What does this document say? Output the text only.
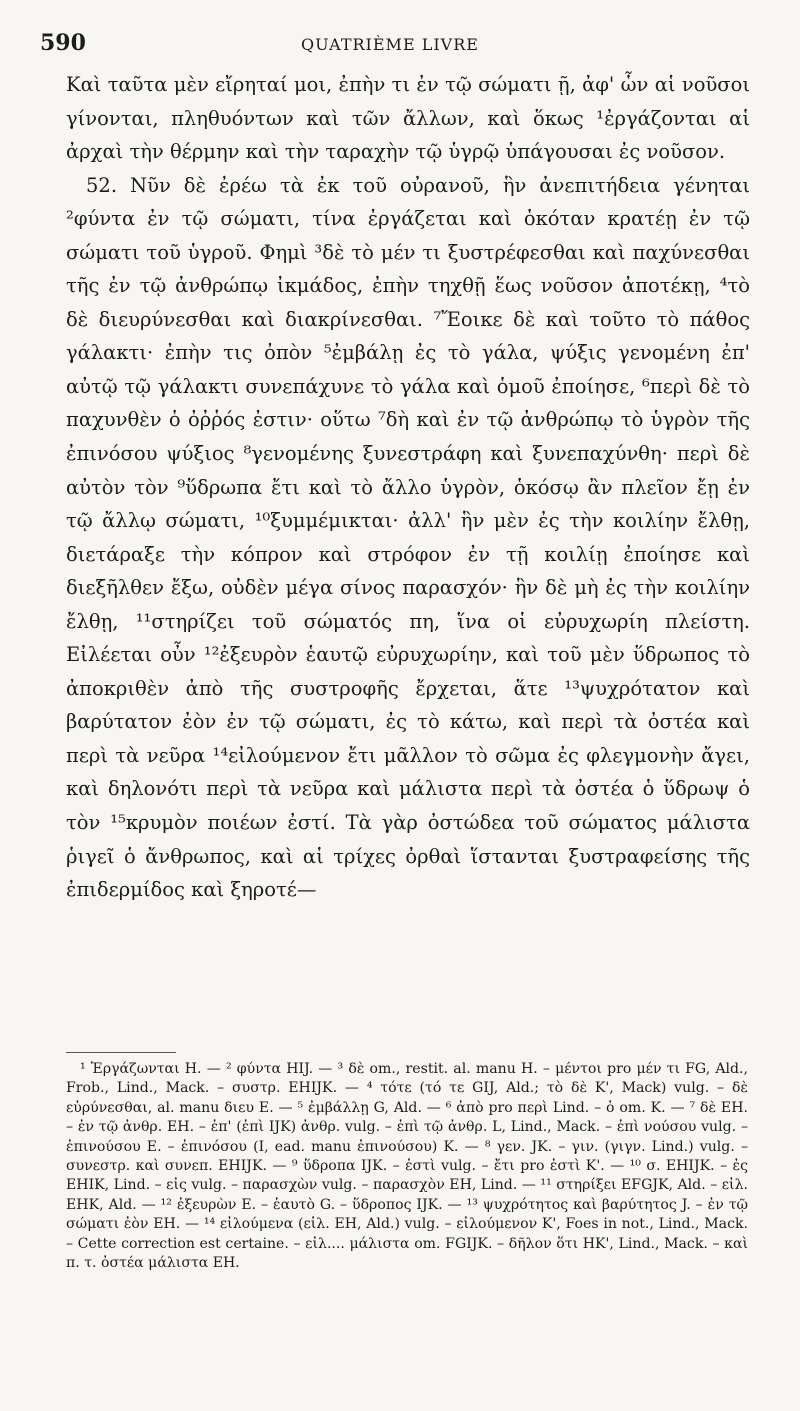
590	QUATRIÈME LIVRE

Καὶ ταῦτα μὲν εἴρηταί μοι, ἐπὴν τι ἐν τῷ σώματι ῇ, ἀφ' ὧν αἱ νοῦσοι γίνονται, πληθυόντων καὶ τῶν ἄλλων, καὶ ὅκως ¹ἐργάζονται αἱ ἀρχαὶ τὴν θέρμην καὶ τὴν ταραχὴν τῷ ὑγρῷ ὑπάγουσαι ἐς νοῦσον.

52. Νῦν δὲ ἐρέω τὰ ἐκ τοῦ οὐρανοῦ, ἣν ἀνεπιτήδεια γένηται ²φύντα ἐν τῷ σώματι, τίνα ἐργάζεται καὶ ὁκόταν κρατέῃ ἐν τῷ σώματι τοῦ ὑγροῦ. Φημὶ ³δὲ τὸ μέν τι ξυστρέφεσθαι καὶ παχύνεσθαι τῆς ἐν τῷ ἀνθρώπῳ ἰκμάδος, ἐπὴν τηχθῇ ἕως νοῦσον ἀποτέκῃ, ⁴τὸ δὲ διευρύνεσθαι καὶ διακρίνεσθαι. ⁷Ἔοικε δὲ καὶ τοῦτο τὸ πάθος γάλακτι· ἐπὴν τις ὀπὸν ⁵ἐμβάλῃ ἐς τὸ γάλα, ψύξις γενομένη ἐπ' αὐτῷ τῷ γάλακτι συνεπάχυνε τὸ γάλα καὶ ὁμοῦ ἐποίησε, ⁶περὶ δὲ τὸ παχυνθὲν ὁ ὀῤῥός ἐστιν· οὕτω ⁷δὴ καὶ ἐν τῷ ἀνθρώπῳ τὸ ὑγρὸν τῆς ἐπινόσου ψύξιος ⁸γενομένης ξυνεστράφη καὶ ξυνεπαχύνθη· περὶ δὲ αὐτὸν τὸν ⁹ὕδρωπα ἔτι καὶ τὸ ἄλλο ὑγρὸν, ὁκόσῳ ἂν πλεῖον ἔῃ ἐν τῷ ἄλλῳ σώματι, ¹⁰ξυμμέμικται· ἀλλ' ἣν μὲν ἐς τὴν κοιλίην ἔλθῃ, διετάραξε τὴν κόπρον καὶ στρόφον ἐν τῇ κοιλίῃ ἐποίησε καὶ διεξῆλθεν ἔξω, οὐδὲν μέγα σίνος παρασχόν· ἣν δὲ μὴ ἐς τὴν κοιλίην ἔλθῃ, ¹¹στηρίζει τοῦ σώματός πη, ἵνα οἱ εὐρυχωρίη πλείστη. Εἰλέεται οὖν ¹²ἐξευρὸν ἑαυτῷ εὐρυχωρίην, καὶ τοῦ μὲν ὕδρωπος τὸ ἀποκριθὲν ἀπὸ τῆς συστροφῆς ἔρχεται, ἅτε ¹³ψυχρότατον καὶ βαρύτατον ἐὸν ἐν τῷ σώματι, ἐς τὸ κάτω, καὶ περὶ τὰ ὀστέα καὶ περὶ τὰ νεῦρα ¹⁴εἰλούμενον ἔτι μᾶλλον τὸ σῶμα ἐς φλεγμονὴν ἄγει, καὶ δηλονότι περὶ τὰ νεῦρα καὶ μάλιστα περὶ τὰ ὀστέα ὁ ὕδρωψ ὁ τὸν ¹⁵κρυμὸν ποιέων ἐστί. Τὰ γὰρ ὀστώδεα τοῦ σώματος μάλιστα ῥιγεῖ ὁ ἄνθρωπος, καὶ αἱ τρίχες ὀρθαὶ ἵστανται ξυστραφείσης τῆς ἐπιδερμίδος καὶ ξηροτέ—

¹ Ἐργάζωνται H. — ² φύντα HIJ. — ³ δὲ om., restit. al. manu H. – μέντοι pro μέν τι FG, Ald., Frob., Lind., Mack. – συστρ. EHIJK. — ⁴ τότε (τό τε GIJ, Ald.; τὸ δὲ K', Mack) vulg. – δὲ εὐρύνεσθαι, al. manu διευ E. — ⁵ ἐμβάλλῃ G, Ald. — ⁶ ἀπὸ pro περὶ Lind. – ὁ om. K. — ⁷ δὲ EH. – ἐν τῷ ἀνθρ. EH. – ἐπ' (ἐπὶ IJK) ἀνθρ. vulg. – ἐπὶ τῷ ἀνθρ. L, Lind., Mack. – ἐπὶ νούσου vulg. – ἐπινούσου E. – ἐπινόσου (I, ead. manu ἐπινούσου) K. — ⁸ γεν. JK. – γιν. (γιγν. Lind.) vulg. – συνεστρ. καὶ συνεπ. EHIJK. — ⁹ ὕδροπα IJK. – ἐστὶ vulg. – ἔτι pro ἐστὶ K'. — ¹⁰ σ. EHIJK. – ἐς EHIK, Lind. – εἰς vulg. – παρασχὼν vulg. – παρασχὸν EH, Lind. — ¹¹ στηρίξει EFGJK, Ald. – εἰλ. EHK, Ald. — ¹² ἐξευρὼν E. – ἑαυτὸ G. – ὕδροπος IJK. — ¹³ ψυχρότητος καὶ βαρύτητος J. – ἐν τῷ σώματι ἐὸν EH. — ¹⁴ εἰλούμενα (εἰλ. EH, Ald.) vulg. – εἰλούμενον K', Foes in not., Lind., Mack. – Cette correction est certaine. – εἰλ.... μάλιστα om. FGIJK. – δῆλον ὅτι HK', Lind., Mack. – καὶ π. τ. ὀστέα μάλιστα EH.
